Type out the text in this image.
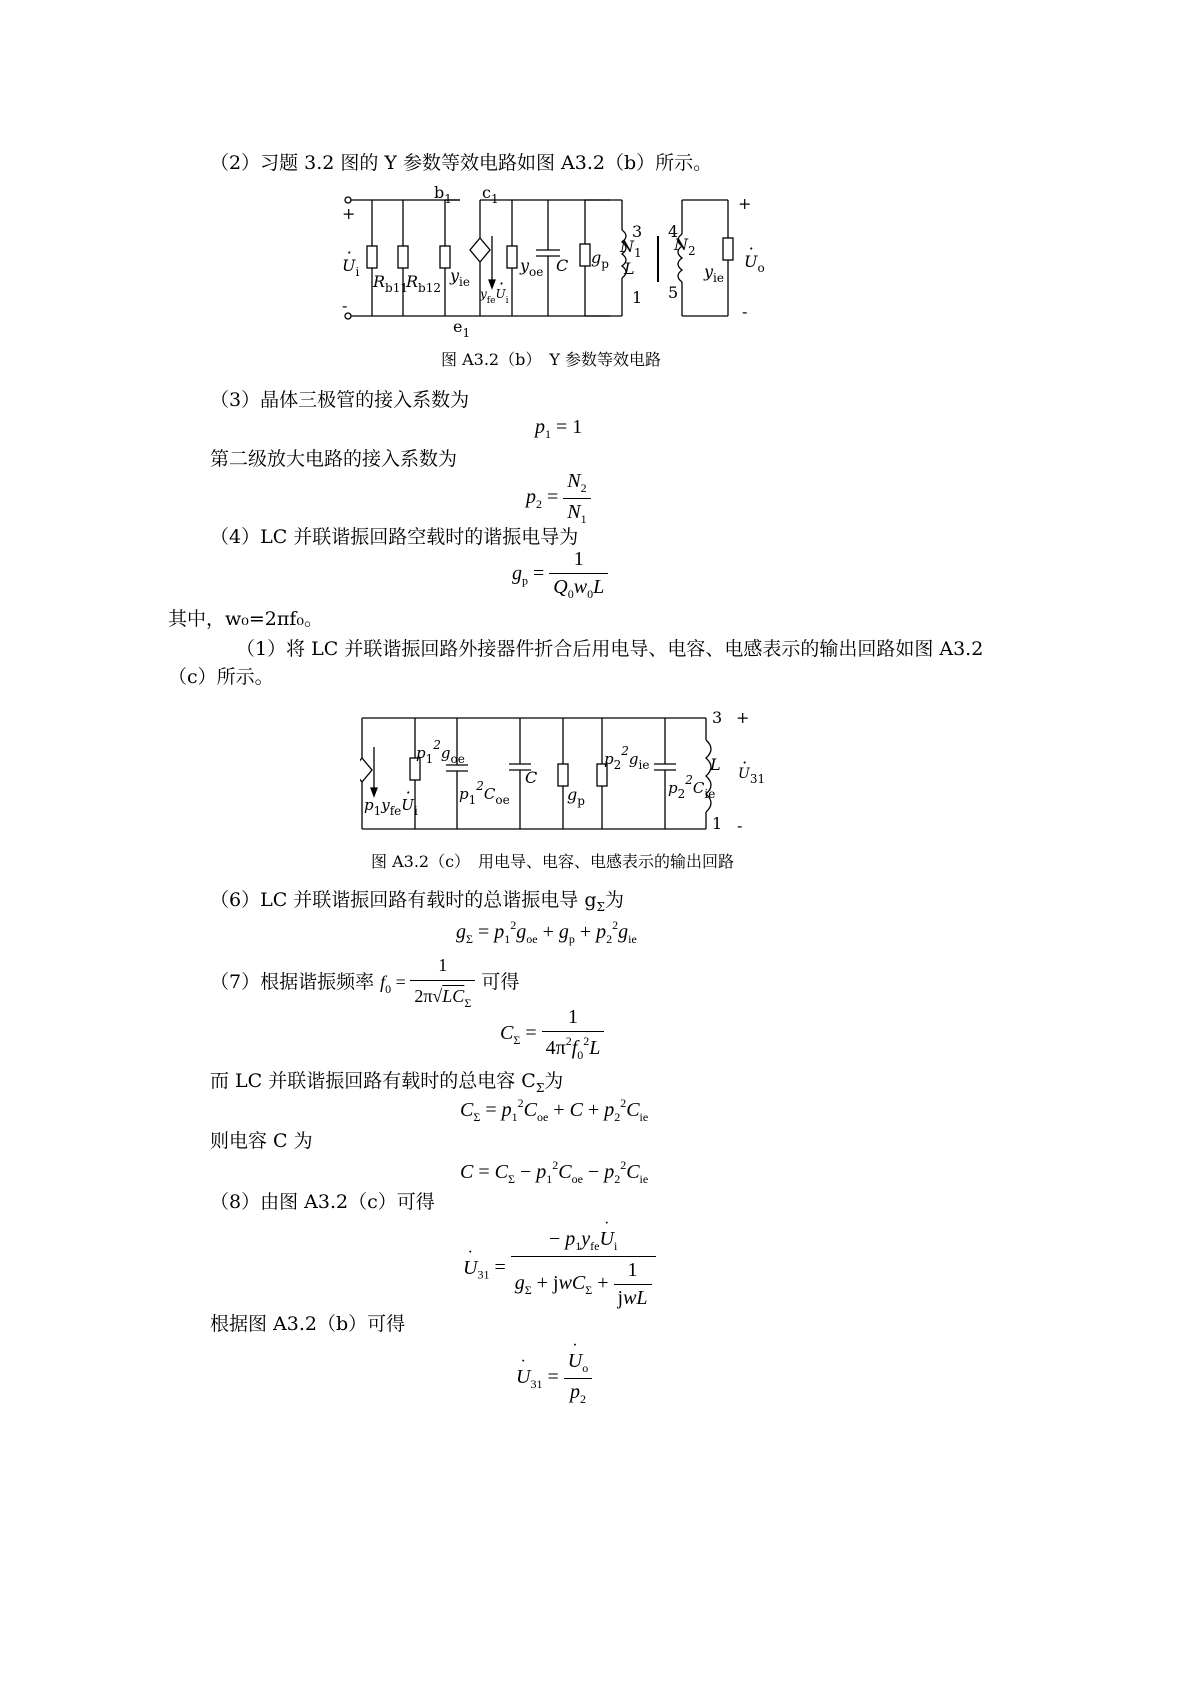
（2）习题 3.2 图的 Y 参数等效电路如图 A3.2（b）所示。
+
-
· $U_i$
$b_1$ $c_1$
$e_1$
$R_{b11}$
$R_{b12}$
$y_{ie}$
$y_{fe}\cdot U_i$
$y_{oe}$ C $g_p$
3
$N_1$
L
1
4
$N_2$
5
$y_{ie}$
+
· $U_o$
-
图 A3.2（b）　Y 参数等效电路
（3）晶体三极管的接入系数为
$p_1 = 1$
第二级放大电路的接入系数为
$p_2 = \frac{N_2}{N_1}$
（4）LC 并联谐振回路空载时的谐振电导为
$g_p = \frac{1}{Q_0w_0L}$
其中，w₀=2πf₀。
（1）将 LC 并联谐振回路外接器件折合后用电导、电容、电感表示的输出回路如图 A3.2
（c）所示。
$p_1^2g_{oe}$
$p_1^2C_{oe}$
C
$g_p$
$p_2^2g_{ie}$
$p_2^2C_{ie}$
$p_1y_{fe}\cdot U_i$
3 +
L · U31
1 -
图 A3.2（c）　用电导、电容、电感表示的输出回路
（6）LC 并联谐振回路有载时的总谐振电导 $g_\Sigma$为
$g_\Sigma = p_1^2g_{oe} + g_p + p_2^2g_{ie}$
（7）根据谐振频率 $f_0 = \frac{1}{2\pi√LC_\Sigma}$ 可得
$C_\Sigma = \frac{1}{4\pi^2f_0^2L}$
而 LC 并联谐振回路有载时的总电容 $C_\Sigma$为
$C_\Sigma = p_1^2C_{oe} + C + p_2^2C_{ie}$
则电容 C 为
$C = C_\Sigma - p_1^2C_{oe} - p_2^2C_{ie}$
（8）由图 A3.2（c）可得
· $U_{31} = \frac{- p_1y_{fe}\cdot U_i}{g_\Sigma + jwC_\Sigma + \frac{1}{\text{jwL}}}$
根据图 A3.2（b）可得
· $U_{31}$ = · $\frac{U_o}{p_2}$
